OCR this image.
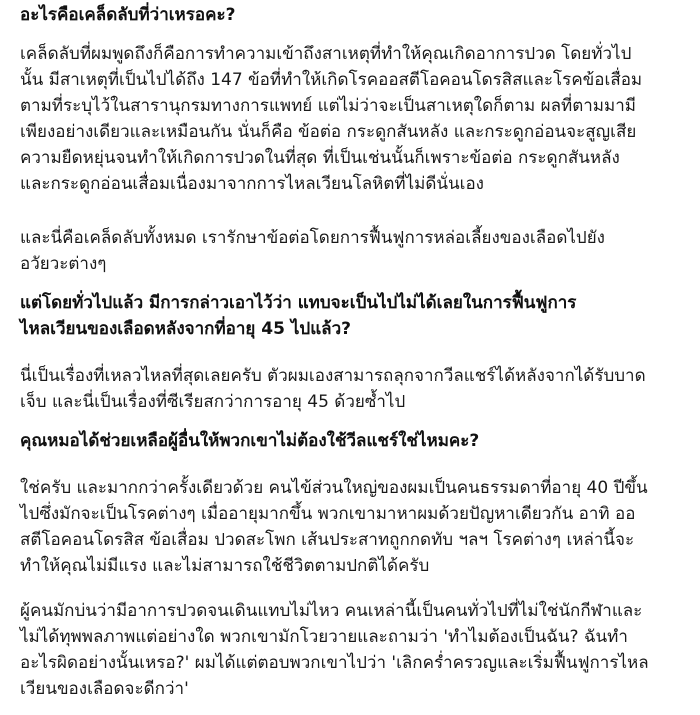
อะไรคือเคล็ดลับที่ว่าเหรอคะ?
เคล็ดลับที่ผมพูดถึงก็คือการทำความเข้าถึงสาเหตุที่ทำให้คุณเกิดอาการปวด โดยทั่วไป
นั้น มีสาเหตุที่เป็นไปได้ถึง 147 ข้อที่ทำให้เกิดโรคออสตีโอคอนโดรสิสและโรคข้อเสื่อม
ตามที่ระบุไว้ในสารานุกรมทางการแพทย์ แต่ไม่ว่าจะเป็นสาเหตุใดก็ตาม ผลที่ตามมามี
เพียงอย่างเดียวและเหมือนกัน นั่นก็คือ ข้อต่อ กระดูกสันหลัง และกระดูกอ่อนจะสูญเสีย
ความยืดหยุ่นจนทำให้เกิดการปวดในที่สุด ที่เป็นเช่นนั้นก็เพราะข้อต่อ กระดูกสันหลัง
และกระดูกอ่อนเสื่อมเนื่องมาจากการไหลเวียนโลหิตที่ไม่ดีนั่นเอง
และนี่คือเคล็ดลับทั้งหมด เรารักษาข้อต่อโดยการฟื้นฟูการหล่อเลี้ยงของเลือดไปยัง
อวัยวะต่างๆ
แต่โดยทั่วไปแล้ว มีการกล่าวเอาไว้ว่า แทบจะเป็นไปไม่ได้เลยในการฟื้นฟูการ
ไหลเวียนของเลือดหลังจากที่อายุ 45 ไปแล้ว?
นี่เป็นเรื่องที่เหลวไหลที่สุดเลยครับ ตัวผมเองสามารถลุกจากวีลแชร์ได้หลังจากได้รับบาด
เจ็บ และนี่เป็นเรื่องที่ซีเรียสกว่าการอายุ 45 ด้วยซ้ำไป
คุณหมอได้ช่วยเหลือผู้อื่นให้พวกเขาไม่ต้องใช้วีลแชร์ใช่ไหมคะ?
ใช่ครับ และมากกว่าครั้งเดียวด้วย คนไข้ส่วนใหญ่ของผมเป็นคนธรรมดาที่อายุ 40 ปีขึ้น
ไปซึ่งมักจะเป็นโรคต่างๆ เมื่ออายุมากขึ้น พวกเขามาหาผมด้วยปัญหาเดียวกัน อาทิ ออ
สตีโอคอนโดรสิส ข้อเสื่อม ปวดสะโพก เส้นประสาทถูกกดทับ ฯลฯ โรคต่างๆ เหล่านี้จะ
ทำให้คุณไม่มีแรง และไม่สามารถใช้ชีวิตตามปกติได้ครับ
ผู้คนมักบ่นว่ามีอาการปวดจนเดินแทบไม่ไหว คนเหล่านี้เป็นคนทั่วไปที่ไม่ใช่นักกีฬาและ
ไม่ได้ทุพพลภาพแต่อย่างใด พวกเขามักโวยวายและถามว่า 'ทำไมต้องเป็นฉัน? ฉันทำ
อะไรผิดอย่างนั้นเหรอ?' ผมได้แต่ตอบพวกเขาไปว่า 'เลิกคร่ำครวญและเริ่มฟื้นฟูการไหล
เวียนของเลือดจะดีกว่า'
